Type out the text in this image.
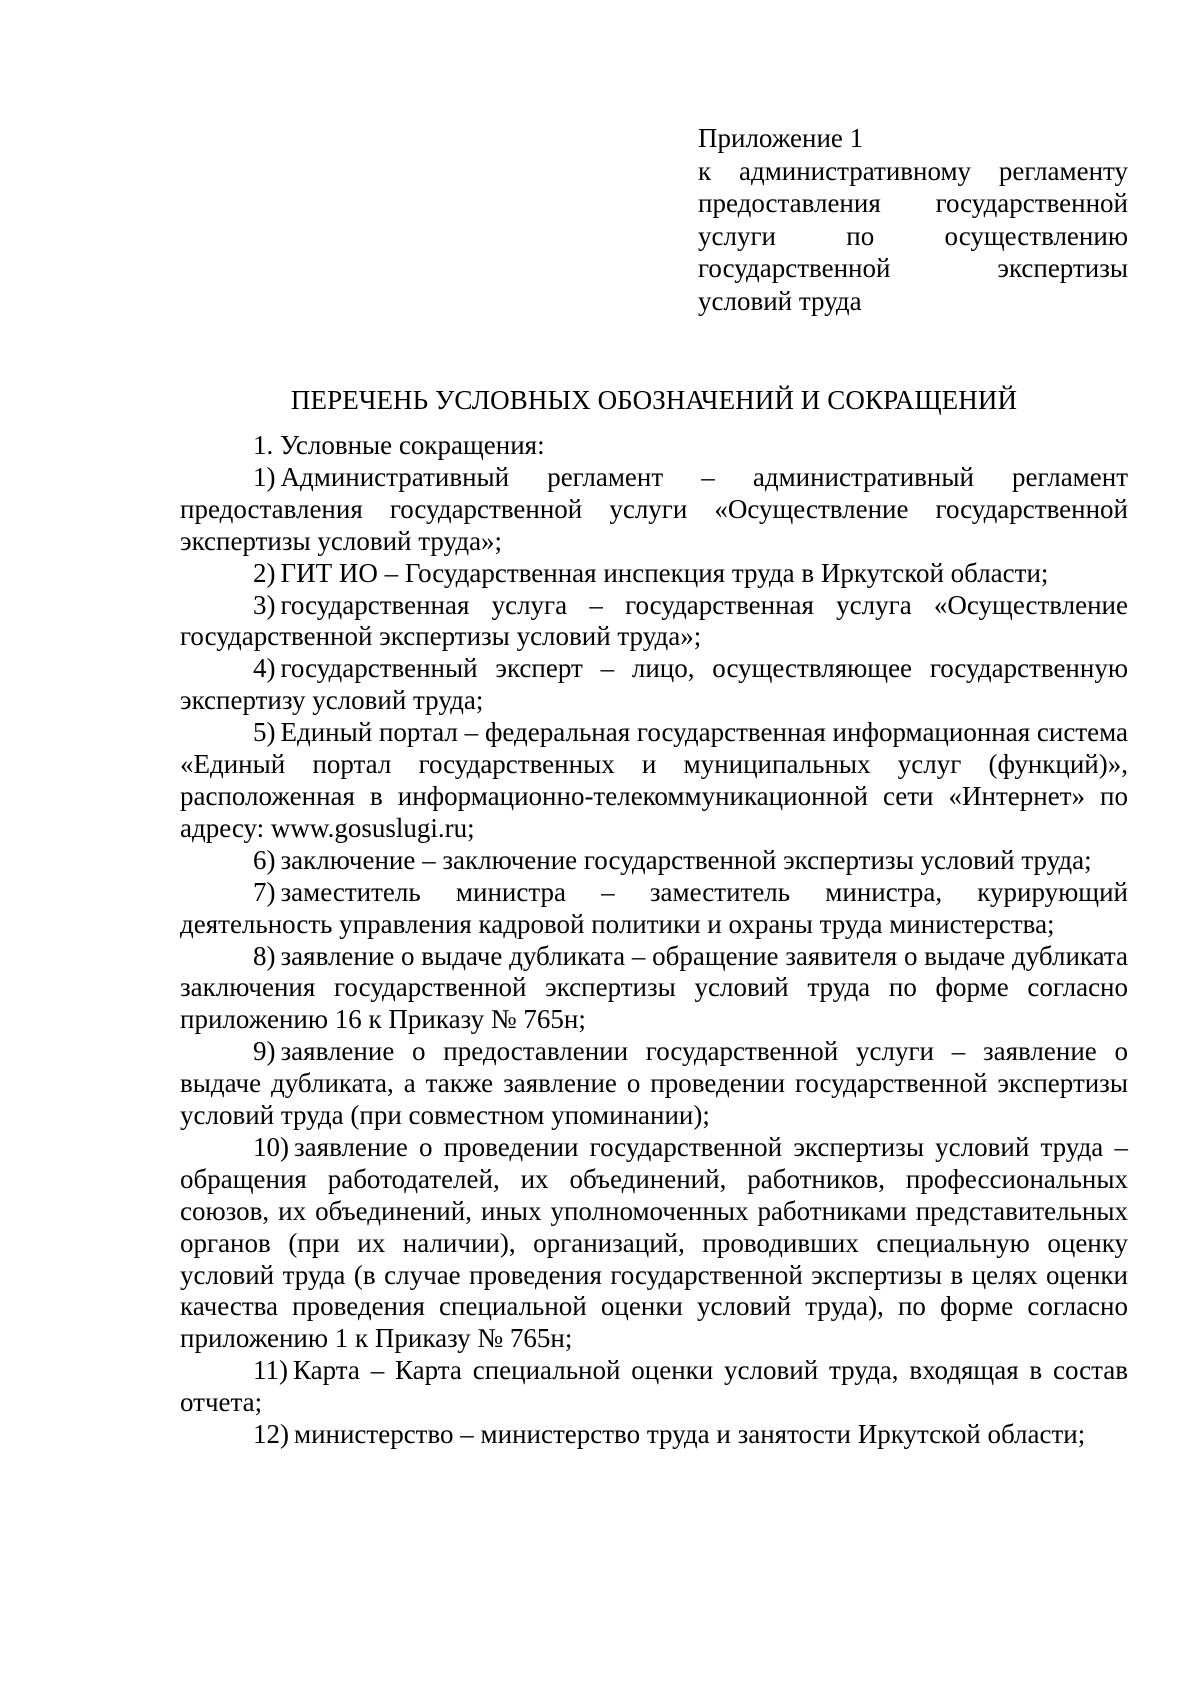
Приложение 1
к административному регламенту
предоставления государственной
услуги по осуществлению
государственной экспертизы
условий труда
ПЕРЕЧЕНЬ УСЛОВНЫХ ОБОЗНАЧЕНИЙ И СОКРАЩЕНИЙ

1. Условные сокращения:

1) Административный регламент – административный регламент предоставления государственной услуги «Осуществление государственной экспертизы условий труда»;

2) ГИТ ИО – Государственная инспекция труда в Иркутской области;

3) государственная услуга – государственная услуга «Осуществление государственной экспертизы условий труда»;

4) государственный эксперт – лицо, осуществляющее государственную экспертизу условий труда;

5) Единый портал – федеральная государственная информационная система «Единый портал государственных и муниципальных услуг (функций)», расположенная в информационно-телекоммуникационной сети «Интернет» по адресу: www.gosuslugi.ru;

6) заключение – заключение государственной экспертизы условий труда;

7) заместитель министра – заместитель министра, курирующий деятельность управления кадровой политики и охраны труда министерства;

8) заявление о выдаче дубликата – обращение заявителя о выдаче дубликата заключения государственной экспертизы условий труда по форме согласно приложению 16 к Приказу № 765н;

9) заявление о предоставлении государственной услуги – заявление о выдаче дубликата, а также заявление о проведении государственной экспертизы условий труда (при совместном упоминании);

10) заявление о проведении государственной экспертизы условий труда – обращения работодателей, их объединений, работников, профессиональных союзов, их объединений, иных уполномоченных работниками представительных органов (при их наличии), организаций, проводивших специальную оценку условий труда (в случае проведения государственной экспертизы в целях оценки качества проведения специальной оценки условий труда), по форме согласно приложению 1 к Приказу № 765н;

11) Карта – Карта специальной оценки условий труда, входящая в состав отчета;

12) министерство – министерство труда и занятости Иркутской области;
